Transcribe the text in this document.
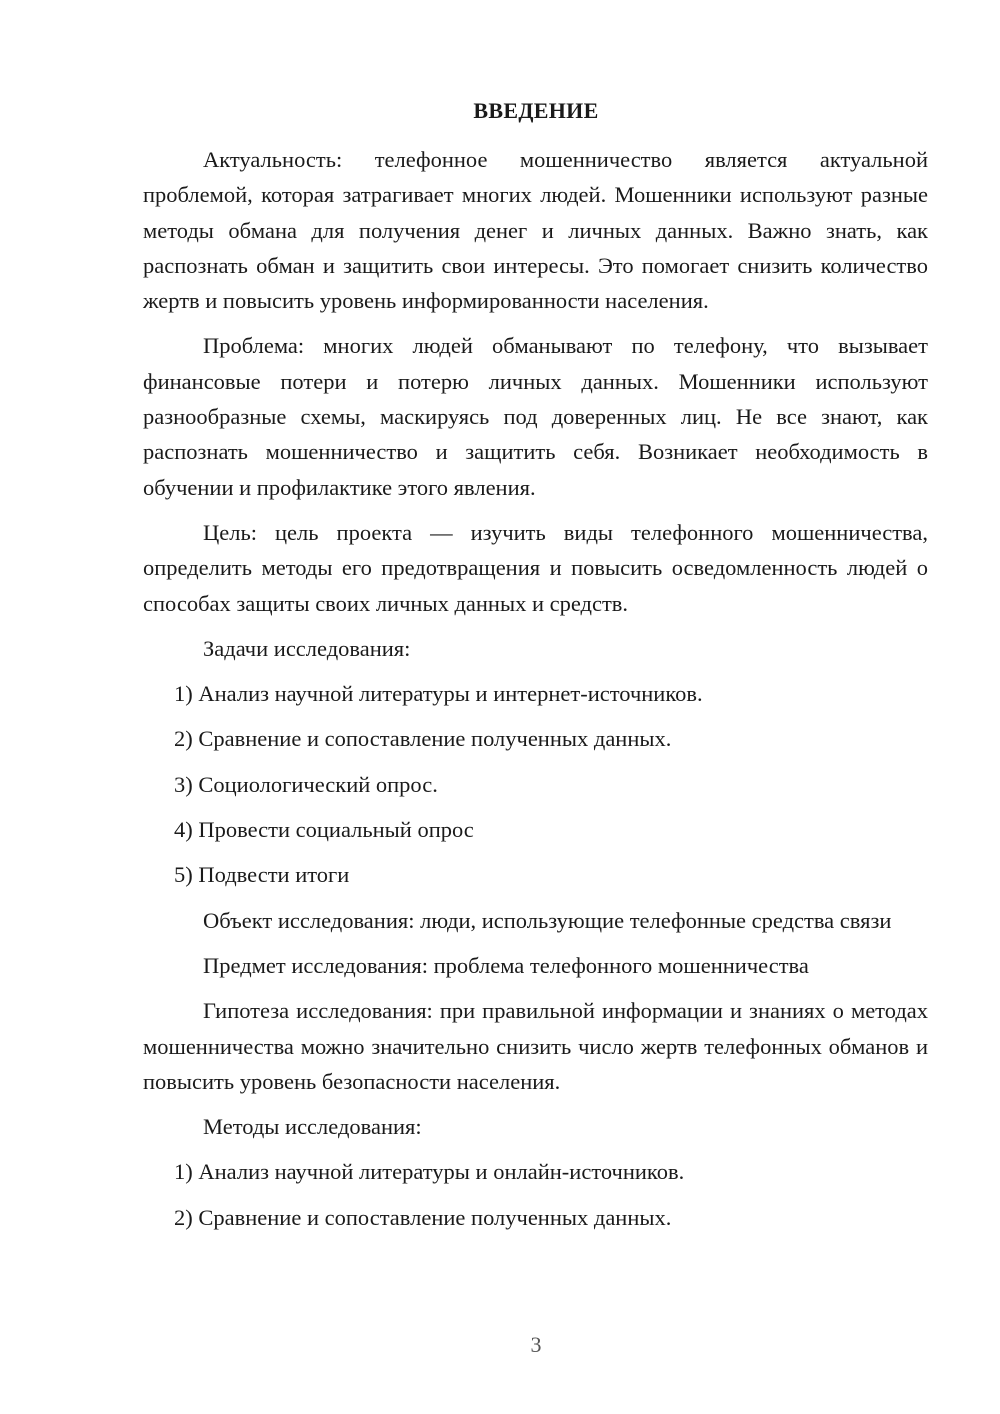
ВВЕДЕНИЕ

Актуальность: телефонное мошенничество является актуальной проблемой, которая затрагивает многих людей. Мошенники используют разные методы обмана для получения денег и личных данных. Важно знать, как распознать обман и защитить свои интересы. Это помогает снизить количество жертв и повысить уровень информированности населения.

Проблема: многих людей обманывают по телефону, что вызывает финансовые потери и потерю личных данных. Мошенники используют разнообразные схемы, маскируясь под доверенных лиц. Не все знают, как распознать мошенничество и защитить себя. Возникает необходимость в обучении и профилактике этого явления.

Цель: цель проекта — изучить виды телефонного мошенничества, определить методы его предотвращения и повысить осведомленность людей о способах защиты своих личных данных и средств.

Задачи исследования:
1) Анализ научной литературы и интернет-источников.
2) Сравнение и сопоставление полученных данных.
3) Социологический опрос.
4) Провести социальный опрос
5) Подвести итоги

Объект исследования: люди, использующие телефонные средства связи

Предмет исследования: проблема телефонного мошенничества

Гипотеза исследования: при правильной информации и знаниях о методах мошенничества можно значительно снизить число жертв телефонных обманов и повысить уровень безопасности населения.

Методы исследования:
1) Анализ научной литературы и онлайн-источников.
2) Сравнение и сопоставление полученных данных.
3
